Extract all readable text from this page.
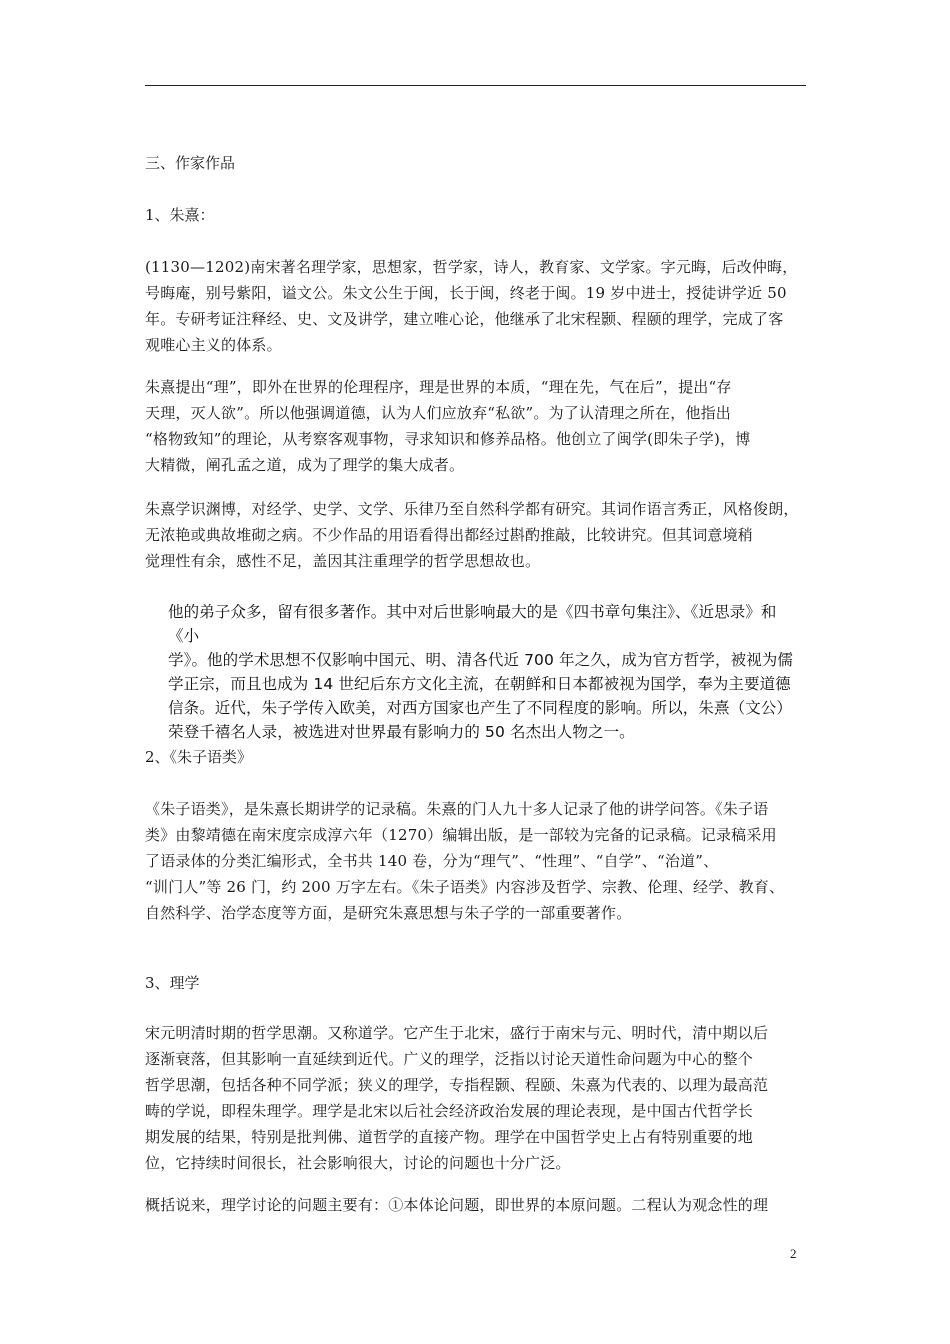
三、作家作品
1、朱熹：
(1130—1202)南宋著名理学家，思想家，哲学家，诗人，教育家、文学家。字元晦，后改仲晦，
号晦庵，别号紫阳，谥文公。朱文公生于闽，长于闽，终老于闽。19 岁中进士，授徒讲学近 50
年。专研考证注释经、史、文及讲学，建立唯心论，他继承了北宋程颢、程颐的理学，完成了客
观唯心主义的体系。
朱熹提出“理”，即外在世界的伦理程序，理是世界的本质，“理在先，气在后”，提出“存
天理，灭人欲”。所以他强调道德，认为人们应放弃“私欲”。为了认清理之所在，他指出
“格物致知”的理论，从考察客观事物，寻求知识和修养品格。他创立了闽学(即朱子学)，博
大精微，阐孔孟之道，成为了理学的集大成者。
朱熹学识渊博，对经学、史学、文学、乐律乃至自然科学都有研究。其词作语言秀正，风格俊朗，
无浓艳或典故堆砌之病。不少作品的用语看得出都经过斟酌推敲，比较讲究。但其词意境稍
觉理性有余，感性不足，盖因其注重理学的哲学思想故也。
他的弟子众多，留有很多著作。其中对后世影响最大的是《四书章句集注》、《近思录》和《小
学》。他的学术思想不仅影响中国元、明、清各代近 700 年之久，成为官方哲学，被视为儒
学正宗，而且也成为 14 世纪后东方文化主流，在朝鲜和日本都被视为国学，奉为主要道德
信条。近代，朱子学传入欧美，对西方国家也产生了不同程度的影响。所以，朱熹（文公）
荣登千禧名人录，被选进对世界最有影响力的 50 名杰出人物之一。
2、《朱子语类》
《朱子语类》，是朱熹长期讲学的记录稿。朱熹的门人九十多人记录了他的讲学问答。《朱子语
类》由黎靖德在南宋度宗成淳六年（1270）编辑出版，是一部较为完备的记录稿。记录稿采用
了语录体的分类汇编形式，全书共 140 卷，分为“理气”、“性理”、“自学”、“治道”、
“训门人”等 26 门，约 200 万字左右。《朱子语类》内容涉及哲学、宗教、伦理、经学、教育、
自然科学、治学态度等方面，是研究朱熹思想与朱子学的一部重要著作。
3、理学
宋元明清时期的哲学思潮。又称道学。它产生于北宋，盛行于南宋与元、明时代，清中期以后
逐渐衰落，但其影响一直延续到近代。广义的理学，泛指以讨论天道性命问题为中心的整个
哲学思潮，包括各种不同学派；狭义的理学，专指程颢、程颐、朱熹为代表的、以理为最高范
畴的学说，即程朱理学。理学是北宋以后社会经济政治发展的理论表现，是中国古代哲学长
期发展的结果，特别是批判佛、道哲学的直接产物。理学在中国哲学史上占有特别重要的地
位，它持续时间很长，社会影响很大，讨论的问题也十分广泛。
概括说来，理学讨论的问题主要有：①本体论问题，即世界的本原问题。二程认为观念性的理
2
